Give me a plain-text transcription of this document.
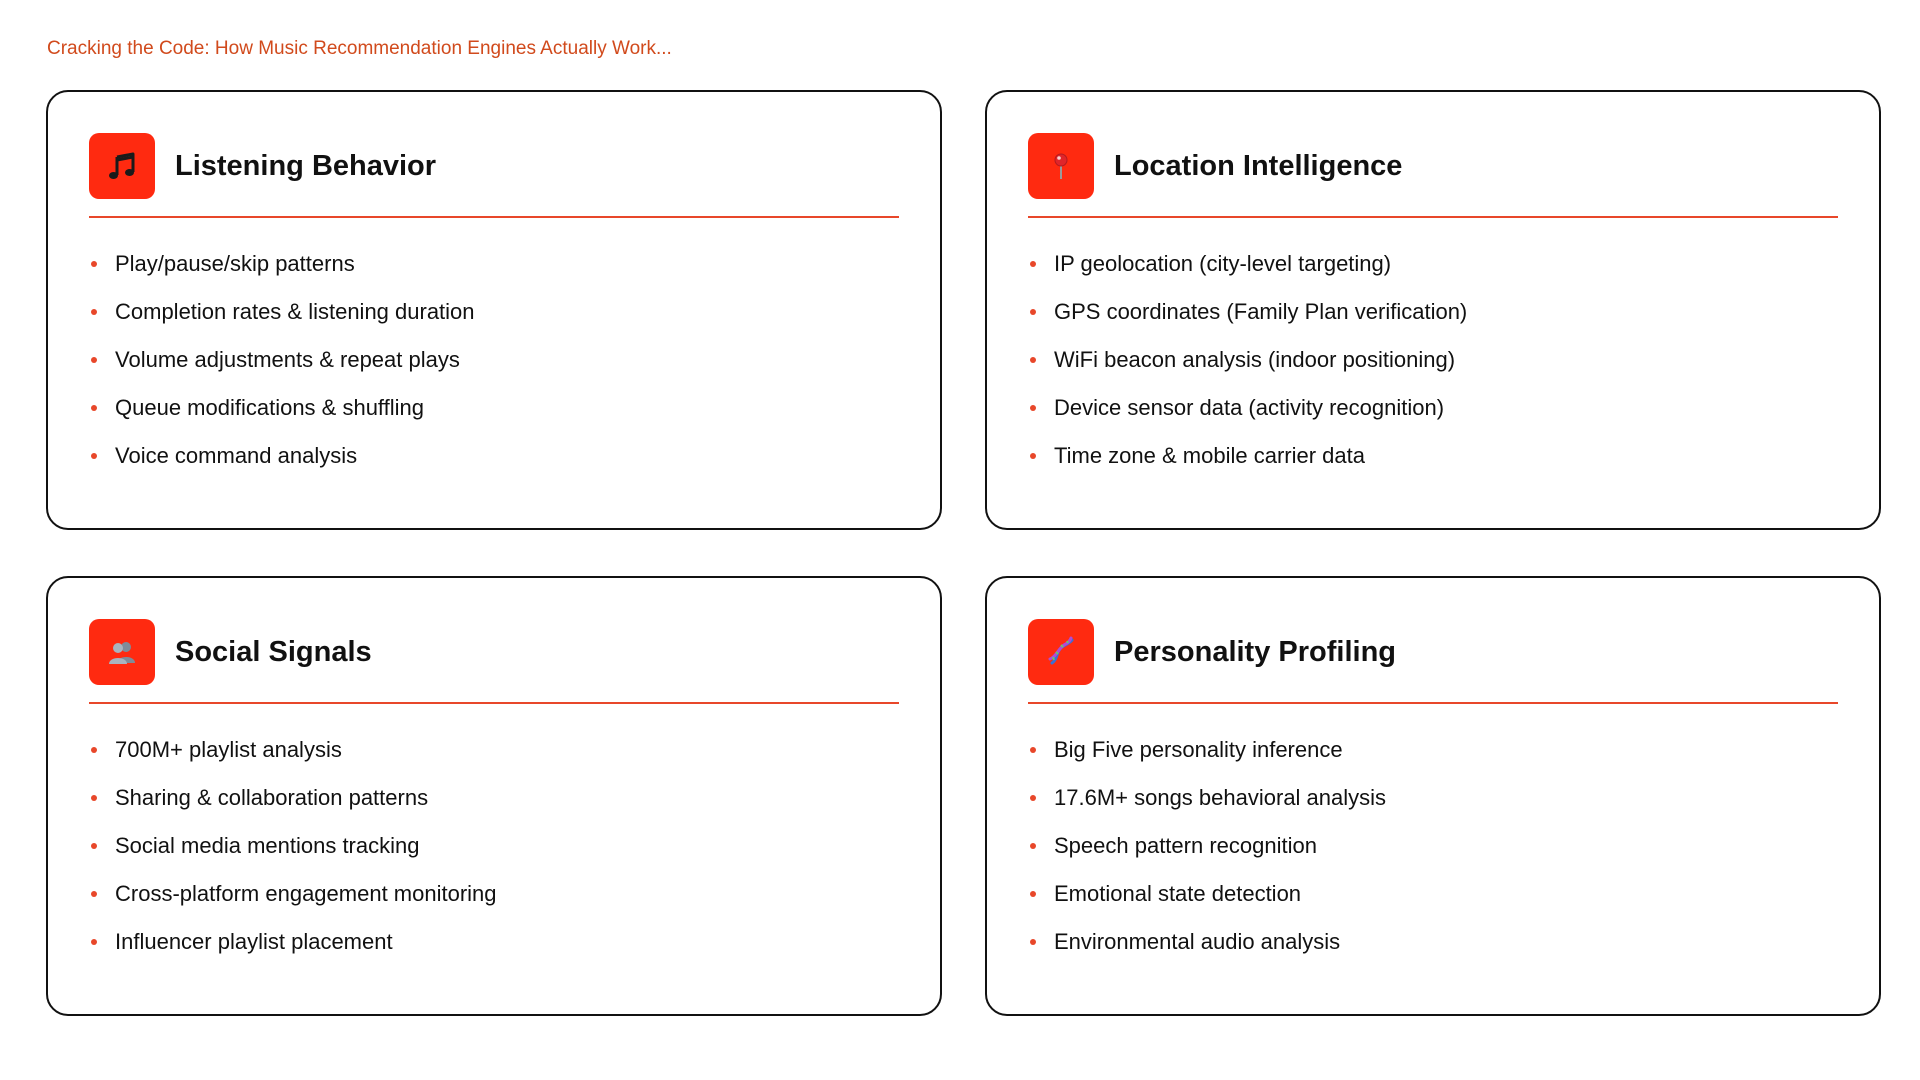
Cracking the Code: How Music Recommendation Engines Actually Work...
Listening Behavior
Play/pause/skip patterns
Completion rates & listening duration
Volume adjustments & repeat plays
Queue modifications & shuffling
Voice command analysis
Location Intelligence
IP geolocation (city-level targeting)
GPS coordinates (Family Plan verification)
WiFi beacon analysis (indoor positioning)
Device sensor data (activity recognition)
Time zone & mobile carrier data
Social Signals
700M+ playlist analysis
Sharing & collaboration patterns
Social media mentions tracking
Cross-platform engagement monitoring
Influencer playlist placement
Personality Profiling
Big Five personality inference
17.6M+ songs behavioral analysis
Speech pattern recognition
Emotional state detection
Environmental audio analysis
